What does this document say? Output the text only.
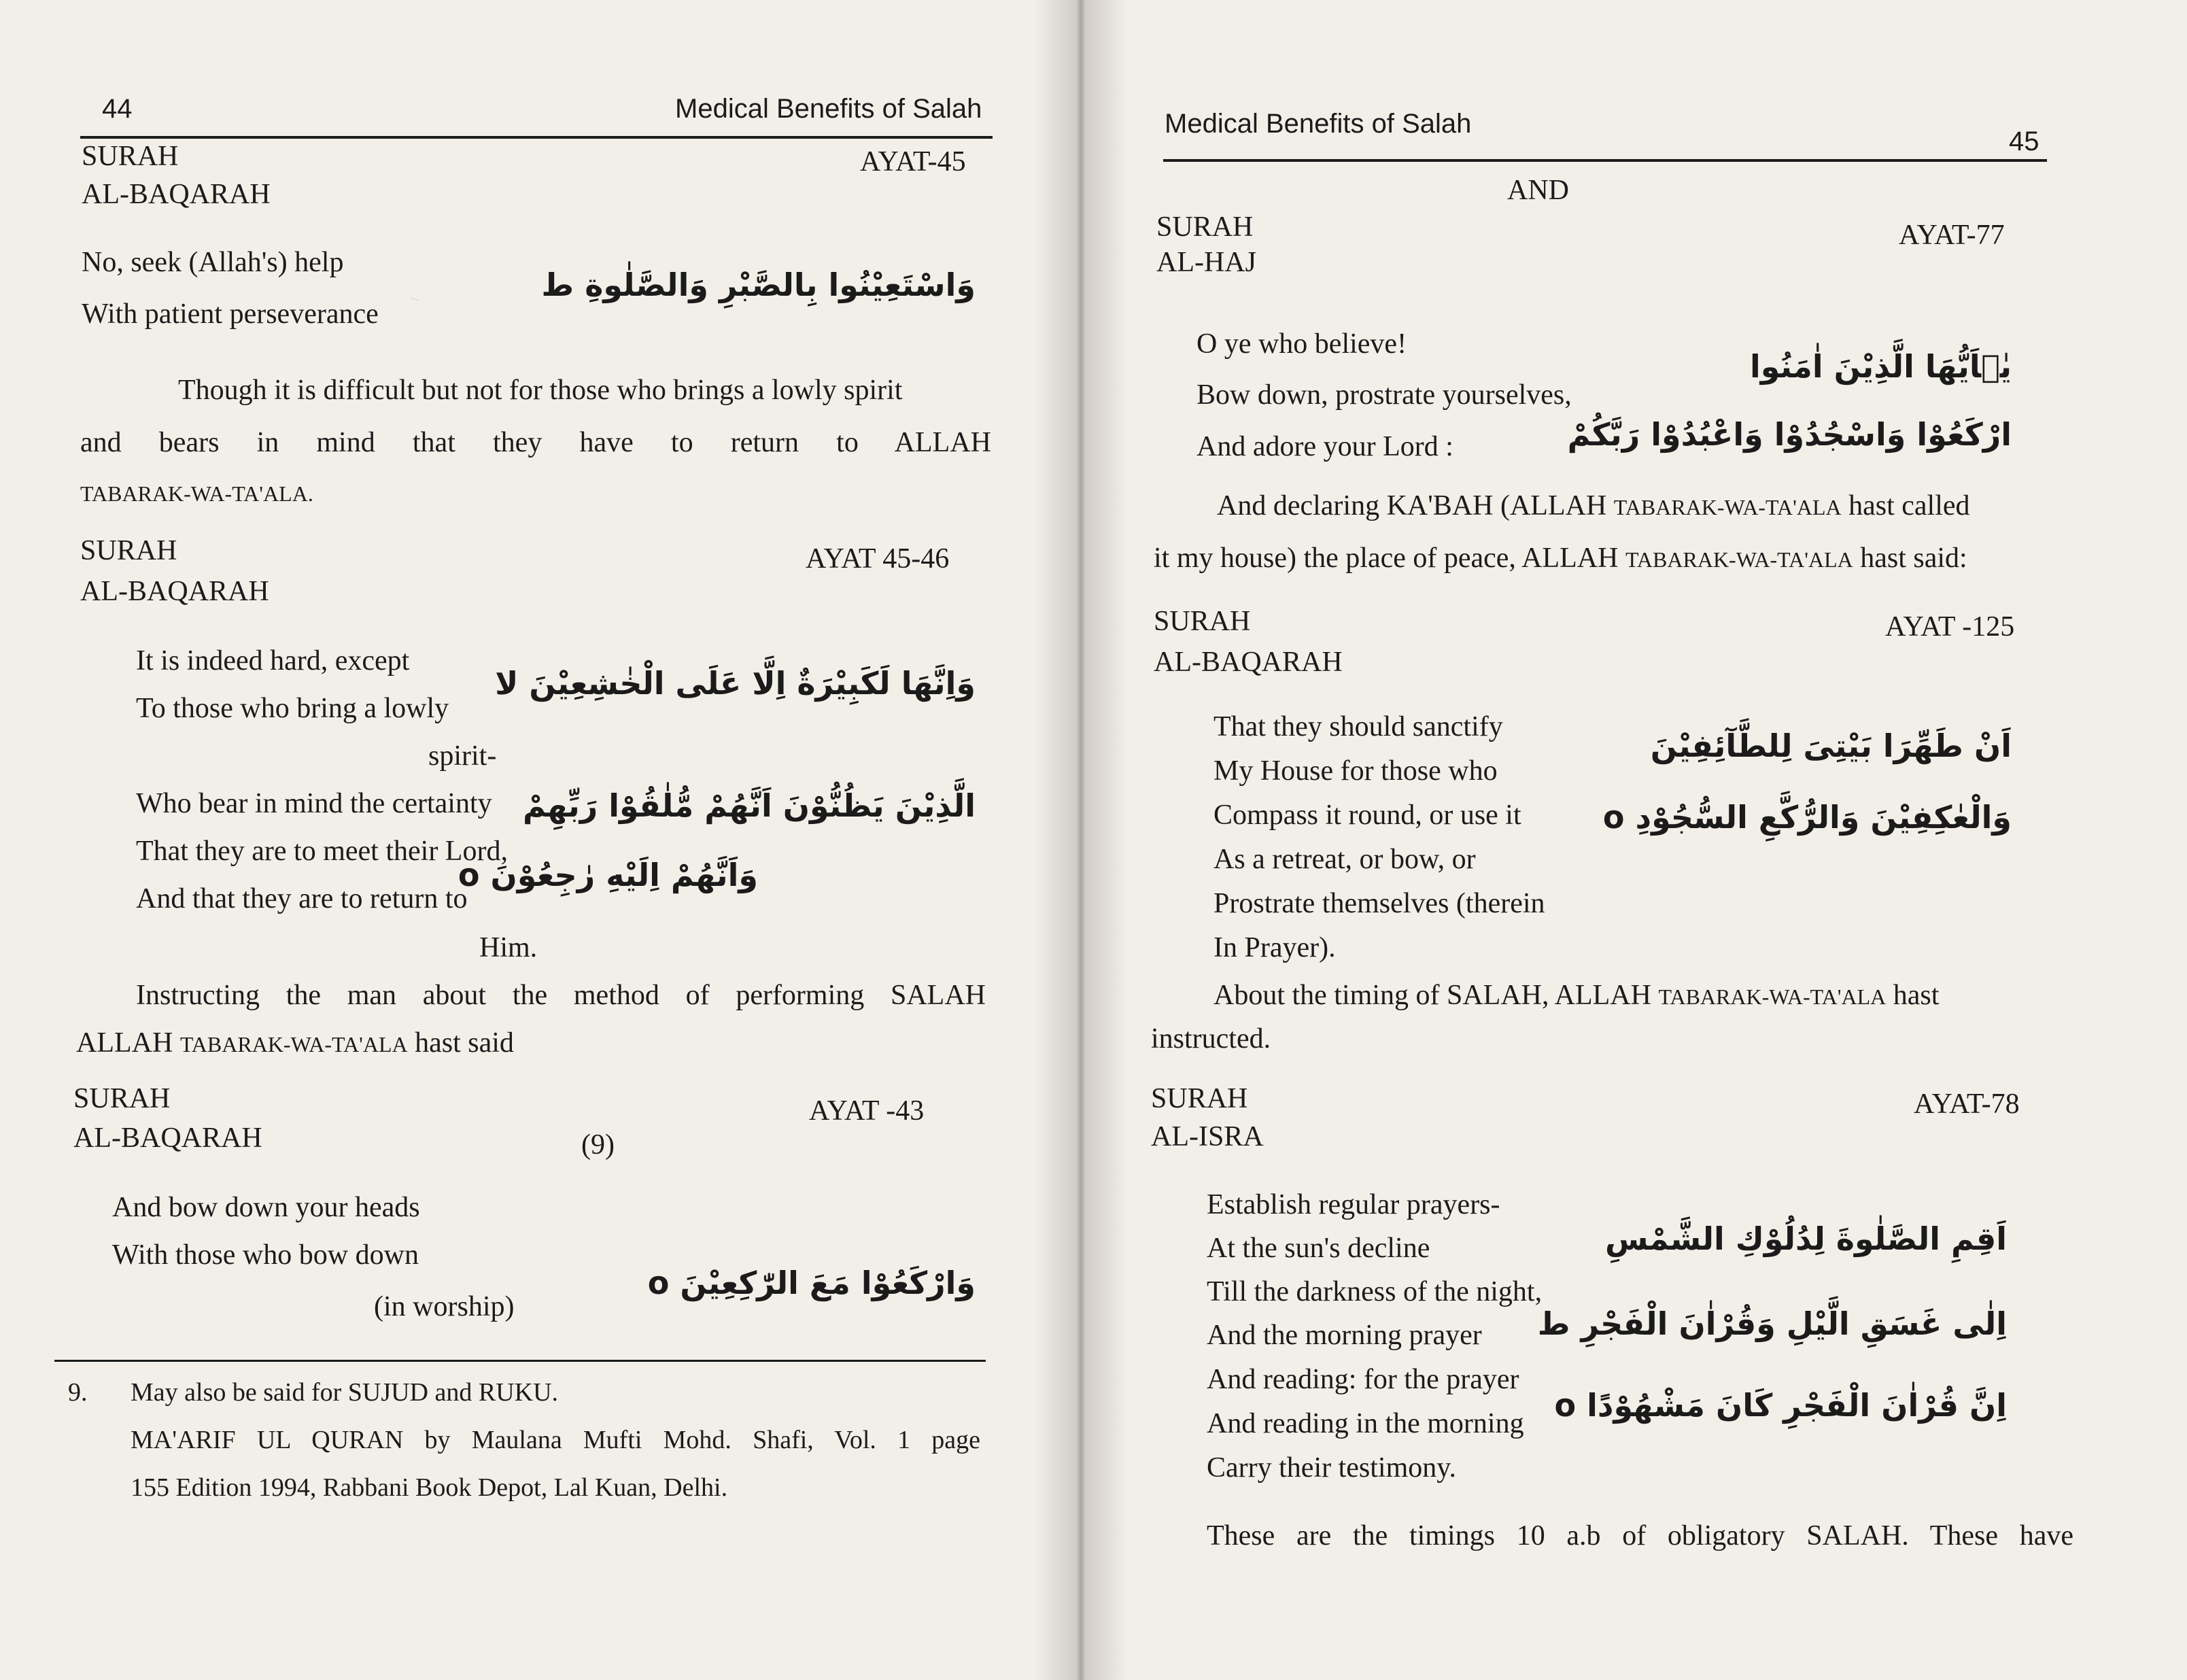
44	Medical Benefits of Salah
SURAH
AL-BAQARAH
AYAT-45
No, seek (Allah's) help
With patient perseverance
وَاسْتَعِيْنُوا بِالصَّبْرِ وَالصَّلٰوةِ ط
Though it is difficult but not for those who brings a lowly spirit
and bears in mind that they have to return to ALLAH
TABARAK-WA-TA'ALA.
SURAH
AL-BAQARAH
AYAT 45-46
It is indeed hard, except
To those who bring a lowly
spirit-
Who bear in mind the certainty
That they are to meet their Lord,
And that they are to return to
Him.
وَاِنَّهَا لَكَبِيْرَةٌ اِلَّا عَلَى الْخٰشِعِيْنَ لا
الَّذِيْنَ يَظُنُّوْنَ اَنَّهُمْ مُّلٰقُوْا رَبِّهِمْ
وَاَنَّهُمْ اِلَيْهِ رٰجِعُوْنَ o
Instructing the man about the method of performing SALAH
ALLAH TABARAK-WA-TA'ALA hast said
SURAH
AL-BAQARAH	(9)
AYAT -43
And bow down your heads
With those who bow down
(in worship)
وَارْكَعُوْا مَعَ الرّٰكِعِيْنَ o
9. May also be said for SUJUD and RUKU.
MA'ARIF UL QURAN by Maulana Mufti Mohd. Shafi, Vol. 1 page
155 Edition 1994, Rabbani Book Depot, Lal Kuan, Delhi.
Medical Benefits of Salah
45
AND
SURAH
AL-HAJ
AYAT-77
O ye who believe!
Bow down, prostrate yourselves,
And adore your Lord :
يٰۤاَيُّهَا الَّذِيْنَ اٰمَنُوا
ارْكَعُوْا وَاسْجُدُوْا وَاعْبُدُوْا رَبَّكُمْ
And declaring KA'BAH (ALLAH TABARAK-WA-TA'ALA hast called
it my house) the place of peace, ALLAH TABARAK-WA-TA'ALA hast said:
SURAH
AL-BAQARAH
AYAT -125
That they should sanctify
My House for those who
Compass it round, or use it
As a retreat, or bow, or
Prostrate themselves (therein
In Prayer).
اَنْ طَهِّرَا بَيْتِىَ لِلطَّآئِفِيْنَ
وَالْعٰكِفِيْنَ وَالرُّكَّعِ السُّجُوْدِ o
About the timing of SALAH, ALLAH TABARAK-WA-TA'ALA hast
instructed.
SURAH
AL-ISRA
AYAT-78
Establish regular prayers-
At the sun's decline
Till the darkness of the night,
And the morning prayer
And reading: for the prayer
And reading in the morning
Carry their testimony.
اَقِمِ الصَّلٰوةَ لِدُلُوْكِ الشَّمْسِ
اِلٰى غَسَقِ الَّيْلِ وَقُرْاٰنَ الْفَجْرِ ط
اِنَّ قُرْاٰنَ الْفَجْرِ كَانَ مَشْهُوْدًا o
These are the timings 10 a.b of obligatory SALAH. These have
